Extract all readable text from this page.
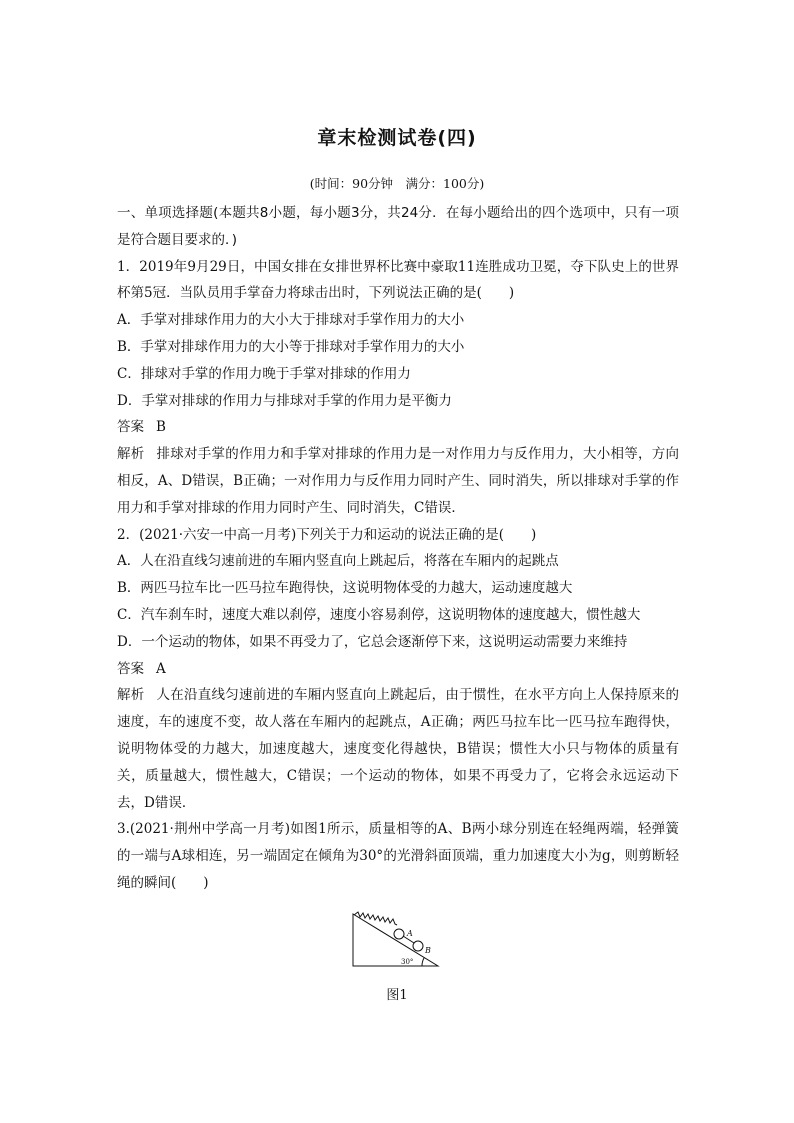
章末检测试卷(四)
(时间：90分钟　满分：100分)

一、单项选择题(本题共8小题，每小题3分，共24分．在每小题给出的四个选项中，只有一项是符合题目要求的．)

1．2019年9月29日，中国女排在女排世界杯比赛中豪取11连胜成功卫冕，夺下队史上的世界杯第5冠．当队员用手掌奋力将球击出时，下列说法正确的是(　　)

A．手掌对排球作用力的大小大于排球对手掌作用力的大小

B．手掌对排球作用力的大小等于排球对手掌作用力的大小

C．排球对手掌的作用力晚于手掌对排球的作用力

D．手掌对排球的作用力与排球对手掌的作用力是平衡力

答案 B

解析 排球对手掌的作用力和手掌对排球的作用力是一对作用力与反作用力，大小相等，方向相反，A、D错误，B正确；一对作用力与反作用力同时产生、同时消失，所以排球对手掌的作用力和手掌对排球的作用力同时产生、同时消失，C错误．

2．(2021·六安一中高一月考)下列关于力和运动的说法正确的是(　　)

A．人在沿直线匀速前进的车厢内竖直向上跳起后，将落在车厢内的起跳点

B．两匹马拉车比一匹马拉车跑得快，这说明物体受的力越大，运动速度越大

C．汽车刹车时，速度大难以刹停，速度小容易刹停，这说明物体的速度越大，惯性越大

D．一个运动的物体，如果不再受力了，它总会逐渐停下来，这说明运动需要力来维持

答案 A

解析 人在沿直线匀速前进的车厢内竖直向上跳起后，由于惯性，在水平方向上人保持原来的速度，车的速度不变，故人落在车厢内的起跳点，A正确；两匹马拉车比一匹马拉车跑得快，说明物体受的力越大，加速度越大，速度变化得越快，B错误；惯性大小只与物体的质量有关，质量越大，惯性越大，C错误；一个运动的物体，如果不再受力了，它将会永远运动下去，D错误．

3.(2021·荆州中学高一月考)如图1所示，质量相等的A、B两小球分别连在轻绳两端，轻弹簧的一端与A球相连，另一端固定在倾角为30°的光滑斜面顶端，重力加速度大小为g，则剪断轻绳的瞬间(　　)

A
B
30°
图1
